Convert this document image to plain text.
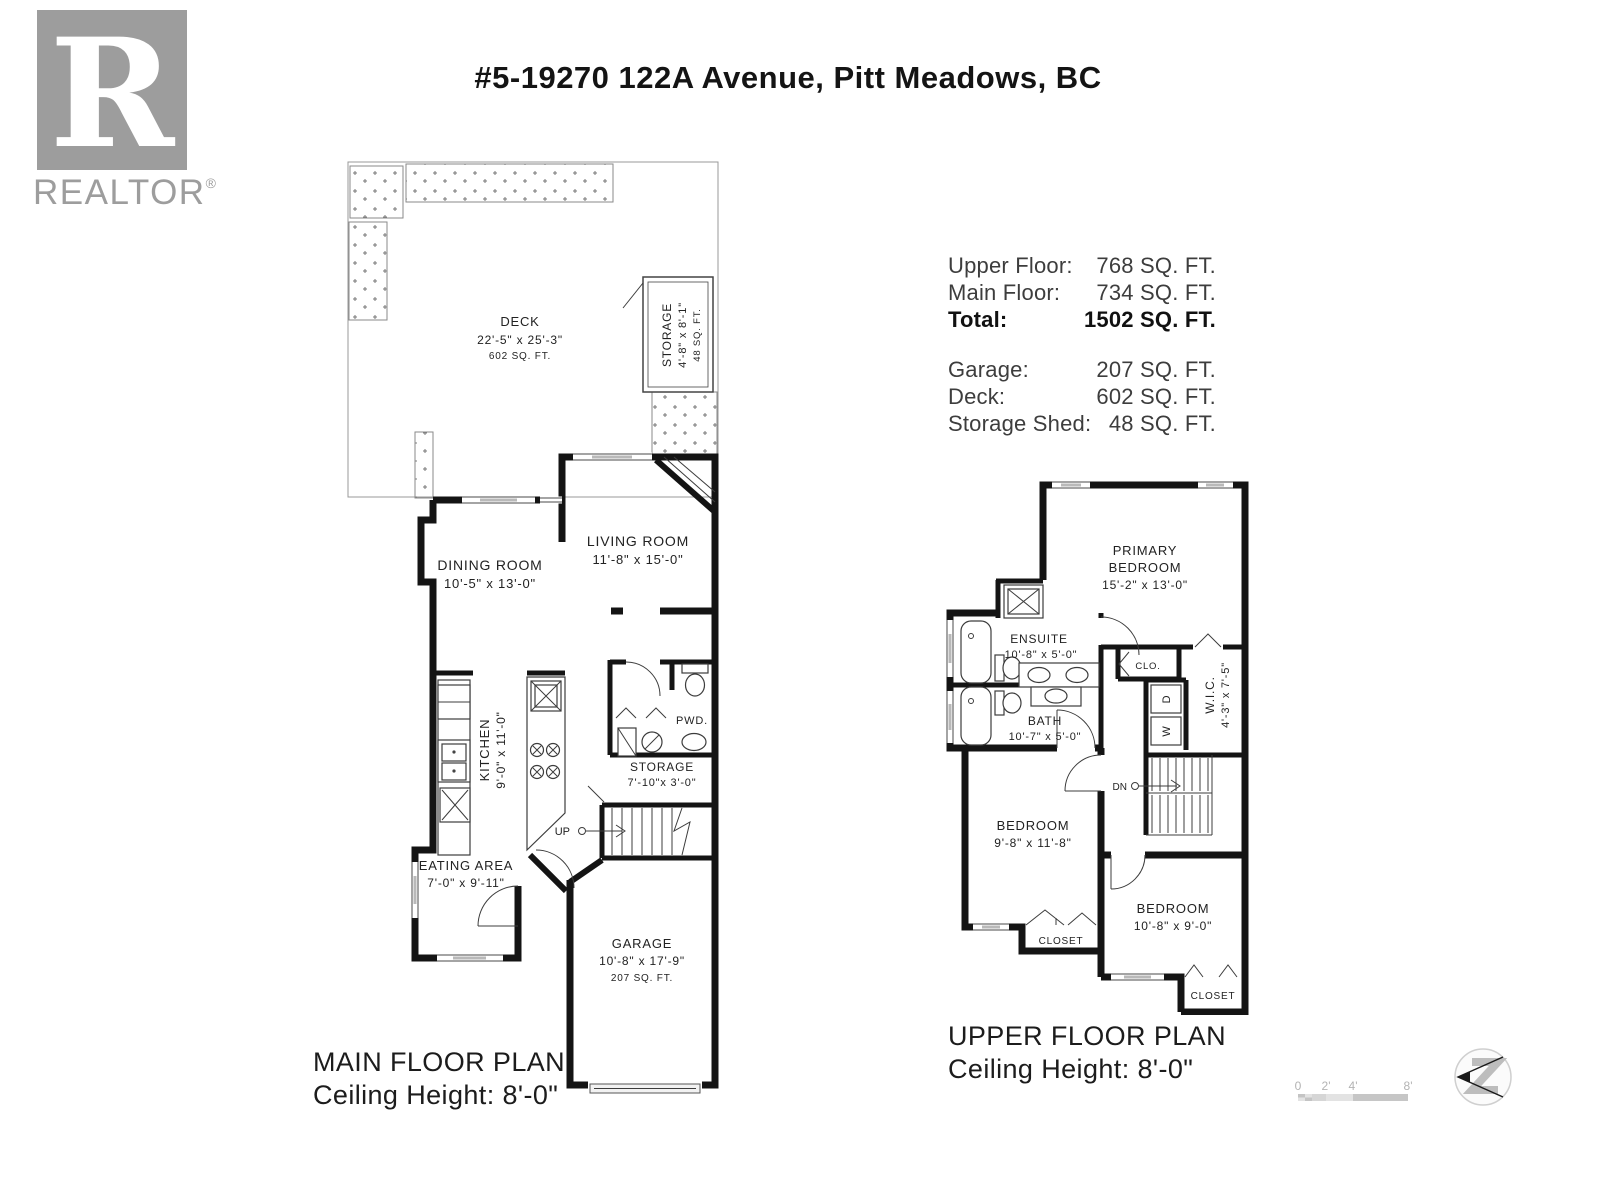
#5-19270 122A Avenue, Pitt Meadows, BC
R
REALTOR®
Upper Floor: 768 SQ. FT.
Main Floor: 734 SQ. FT.
Total:	1502 SQ. FT.
Garage:	207 SQ. FT.
Deck:	602 SQ. FT.
Storage Shed: 48 SQ. FT.
DECK
22'-5" x 25'-3"
602 SQ. FT.	STORAGE 4'-8" x 8'-1" 48 SQ. FT.
UP
DINING ROOM
10'-5" x 13'-0"
LIVING ROOM
11'-8" x 15'-0"
KITCHEN 9'-0" x 11'-0"	PWD.
STORAGE
7'-10"x 3'-0"
EATING AREA
7'-0" x 9'-11"
GARAGE
10'-8" x 17'-9"
207 SQ. FT.
D
W
DN
PRIMARY
BEDROOM
15'-2" x 13'-0"
ENSUITE
10'-8" x 5'-0"
BATH
10'-7" x 5'-0"
W.I.C. 4'-3" x 7'-5"
CLO.
BEDROOM
9'-8" x 11'-8"
BEDROOM
10'-8" x 9'-0"
CLOSET
CLOSET
MAIN FLOOR PLAN
Ceiling Height: 8'-0"
UPPER FLOOR PLAN
Ceiling Height: 8'-0"
0 2' 4'	8'
